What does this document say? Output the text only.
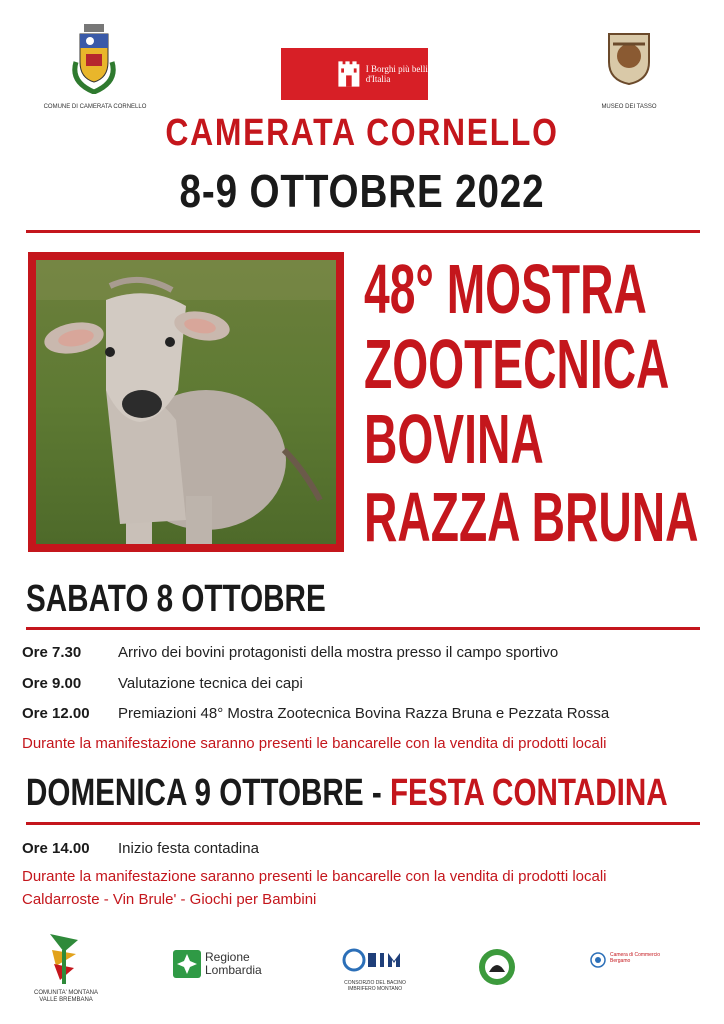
COMUNE DI CAMERATA CORNELLO
I Borghi più belli d'Italia
MUSEO DEI TASSO
CAMERATA CORNELLO
8-9 OTTOBRE 2022
48° MOSTRA
ZOOTECNICA
BOVINA
RAZZA BRUNA
SABATO 8 OTTOBRE
Ore 7.30	Arrivo dei bovini protagonisti della mostra presso il campo sportivo
Ore 9.00	Valutazione tecnica dei capi
Ore 12.00	Premiazioni 48° Mostra Zootecnica Bovina Razza Bruna e Pezzata Rossa
Durante la manifestazione saranno presenti le bancarelle con la vendita di prodotti locali
DOMENICA 9 OTTOBRE - FESTA CONTADINA
Ore 14.00	Inizio festa contadina
Durante la manifestazione saranno presenti le bancarelle con la vendita di prodotti locali
Caldarroste - Vin Brule' - Giochi per Bambini
COMUNITA' MONTANA VALLE BREMBANA
Regione
Lombardia
CONSORZIO DEL BACINO IMBRIFERO MONTANO
Camera di Commercio Bergamo
